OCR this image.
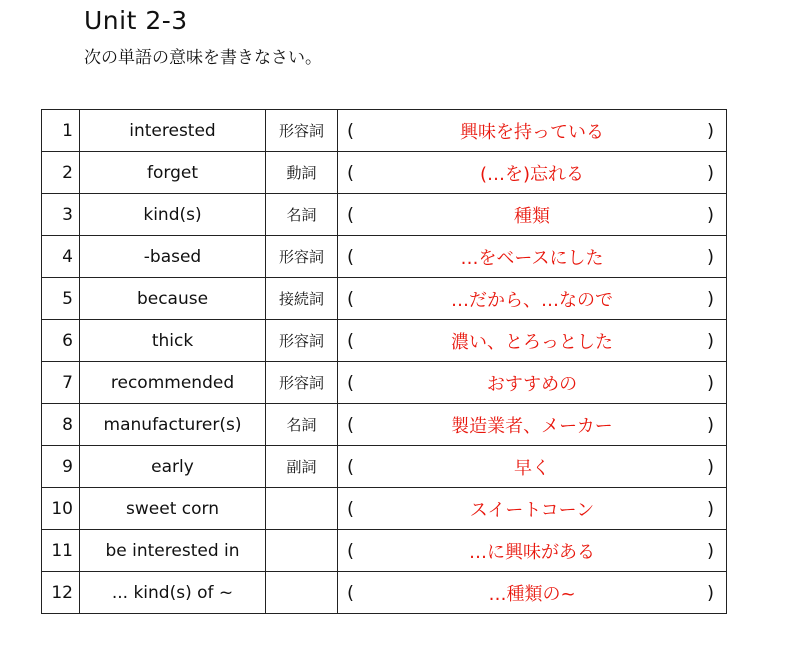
Unit 2-3
次の単語の意味を書きなさい。
1	interested	形容詞	( 興味を持っている )

2	forget	動詞	( (…を)忘れる )

3	kind(s)	名詞	( 種類 )

4	-based	形容詞	( …をベースにした )

5	because	接続詞	( …だから、…なので )

6	thick	形容詞	( 濃い、とろっとした )

7	recommended	形容詞	( おすすめの )

8	manufacturer(s)	名詞	( 製造業者、メーカー )

9	early	副詞	( 早く )

10	sweet corn		( スイートコーン )

11	be interested in		( …に興味がある )

12	... kind(s) of ~		( …種類の~ )
